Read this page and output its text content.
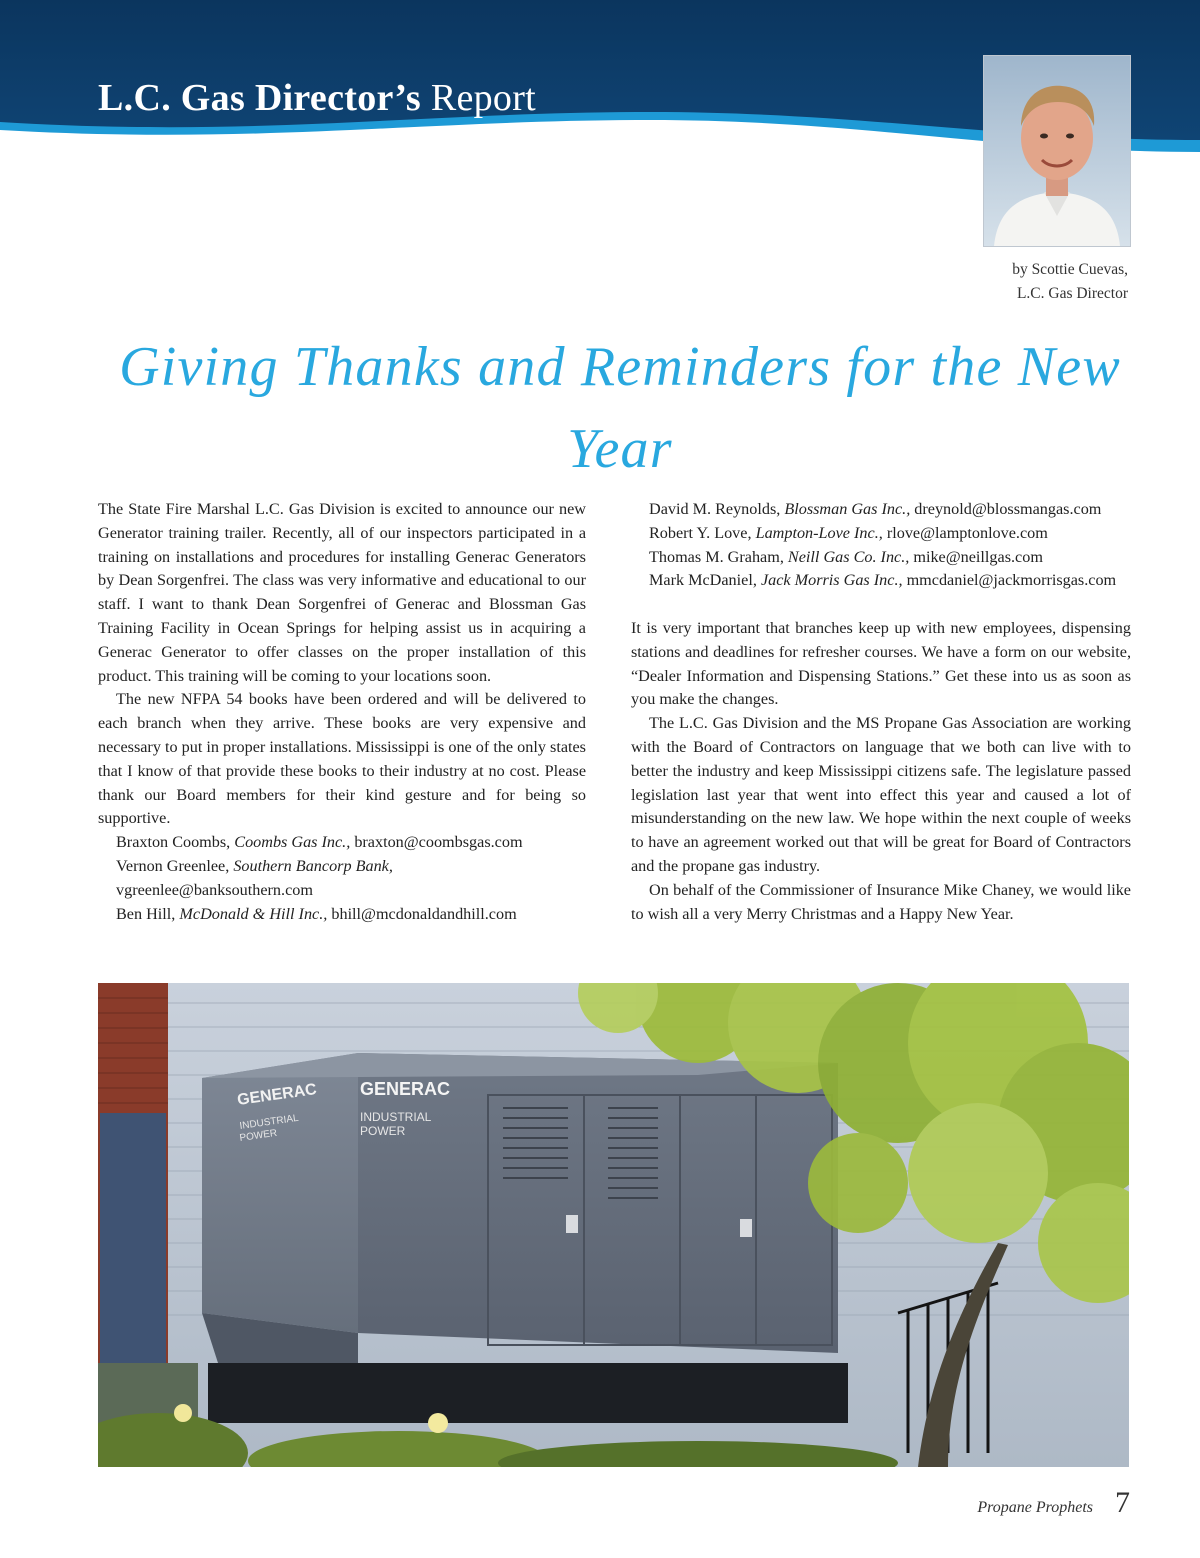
L.C. Gas Director’s Report
by Scottie Cuevas,
L.C. Gas Director
Giving Thanks and Reminders for the New Year

The State Fire Marshal L.C. Gas Division is excited to announce our new Generator training trailer. Recently, all of our inspectors participated in a training on installations and procedures for installing Generac Generators by Dean Sorgenfrei. The class was very informative and educational to our staff. I want to thank Dean Sorgenfrei of Generac and Blossman Gas Training Facility in Ocean Springs for helping assist us in acquiring a Generac Generator to offer classes on the proper installation of this product. This training will be coming to your locations soon.

The new NFPA 54 books have been ordered and will be delivered to each branch when they arrive. These books are very expensive and necessary to put in proper installations. Mississippi is one of the only states that I know of that provide these books to their industry at no cost. Please thank our Board members for their kind gesture and for being so supportive.

Braxton Coombs, Coombs Gas Inc., braxton@coombsgas.com
Vernon Greenlee, Southern Bancorp Bank, vgreenlee@banksouthern.com
Ben Hill, McDonald & Hill Inc., bhill@mcdonaldandhill.com
David M. Reynolds, Blossman Gas Inc., dreynold@blossmangas.com
Robert Y. Love, Lampton-Love Inc., rlove@lamptonlove.com
Thomas M. Graham, Neill Gas Co. Inc., mike@neillgas.com
Mark McDaniel, Jack Morris Gas Inc., mmcdaniel@jackmorrisgas.com

It is very important that branches keep up with new employees, dispensing stations and deadlines for refresher courses. We have a form on our website, “Dealer Information and Dispensing Stations.” Get these into us as soon as you make the changes.

The L.C. Gas Division and the MS Propane Gas Association are working with the Board of Contractors on language that we both can live with to better the industry and keep Mississippi citizens safe. The legislature passed legislation last year that went into effect this year and caused a lot of misunderstanding on the new law. We hope within the next couple of weeks to have an agreement worked out that will be great for Board of Contractors and the propane gas industry.

On behalf of the Commissioner of Insurance Mike Chaney, we would like to wish all a very Merry Christmas and a Happy New Year.

GENERAC
INDUSTRIAL
POWER
GENERAC
INDUSTRIAL
POWER
Propane Prophets 7
